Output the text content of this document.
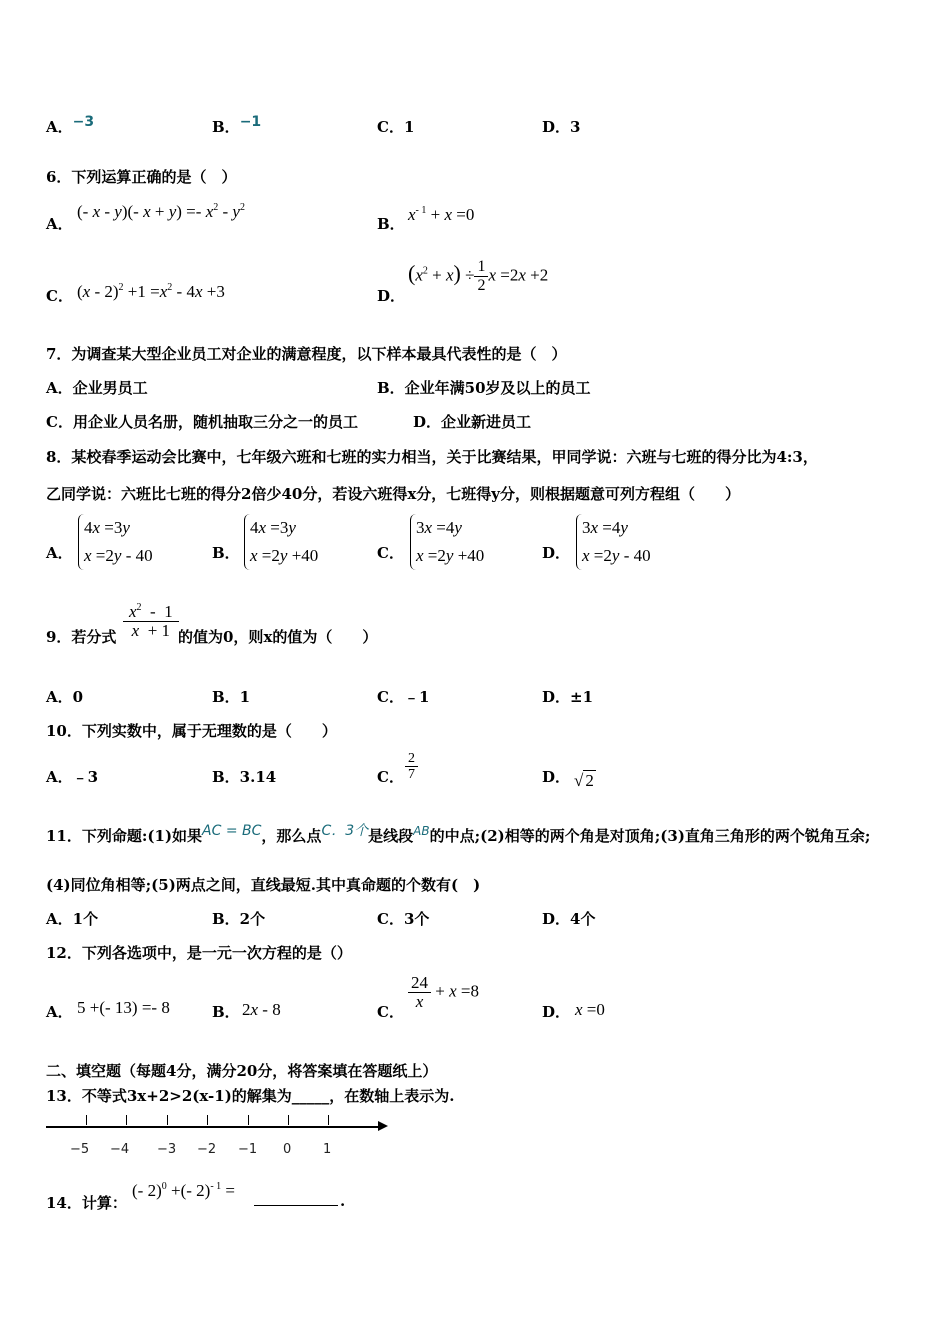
A．−3	B．−1	C．1	D．3
6．下列运算正确的是（　）
A．
(- x - y)(- $x + y) =- x^2 - y^2$
B． $x^{- 1} + x =0$
C． $(x - 2)^2 +1 =x^2 - 4x +3$	D．
$(x^2 + x) \div \frac{1}{2}$ x =2x +2
7．为调查某大型企业员工对企业的满意程度，以下样本最具代表性的是（　）
A．企业男员工	B．企业年满50岁及以上的员工
C．用企业人员名册，随机抽取三分之一的员工	D．企业新进员工
8．某校春季运动会比赛中，七年级六班和七班的实力相当，关于比赛结果，甲同学说：六班与七班的得分比为4:3，
乙同学说：六班比七班的得分2倍少40分，若设六班得x分，七班得y分，则根据题意可列方程组（　　）
A．
4x =3y
x =2y - 40	B．
4x =3y
x =2y +40	C．
3x =4y
x =2y +40	D．
3x =4y
x =2y - 40
9．若分式 $\frac{x^2 - 1}{x + 1}$ 的值为0，则x的值为（　　）
A．0	B．1	C．﹣1	D．±1
10．下列实数中，属于无理数的是（　　）
A．﹣3	B．3.14	C． $\frac{2}{7}$	D． √ 2
11．下列命题:(1)如果AC = BC，那么点C．3个是线段$^{AB}$的中点;(2)相等的两个角是对顶角;(3)直角三角形的两个锐角互余;
(4)同位角相等;(5)两点之间，直线最短.其中真命题的个数有(　)
A．1个	B．2个	C．3个	D．4个
12．下列各选项中，是一元一次方程的是（）
A． 5 +(- 13) =- 8	B． 2x - 8	C．
$\frac{24}{x} + x =8$
D． x =0
二、填空题（每题4分，满分20分，将答案填在答题纸上）
13．不等式3x+2>2(x-1)的解集为_____，在数轴上表示为.
−5 −4 −3 −2 −1 0 1
14．计算：
(- 2)$^0$ +(- 2)$^{- 1}$ =
.
